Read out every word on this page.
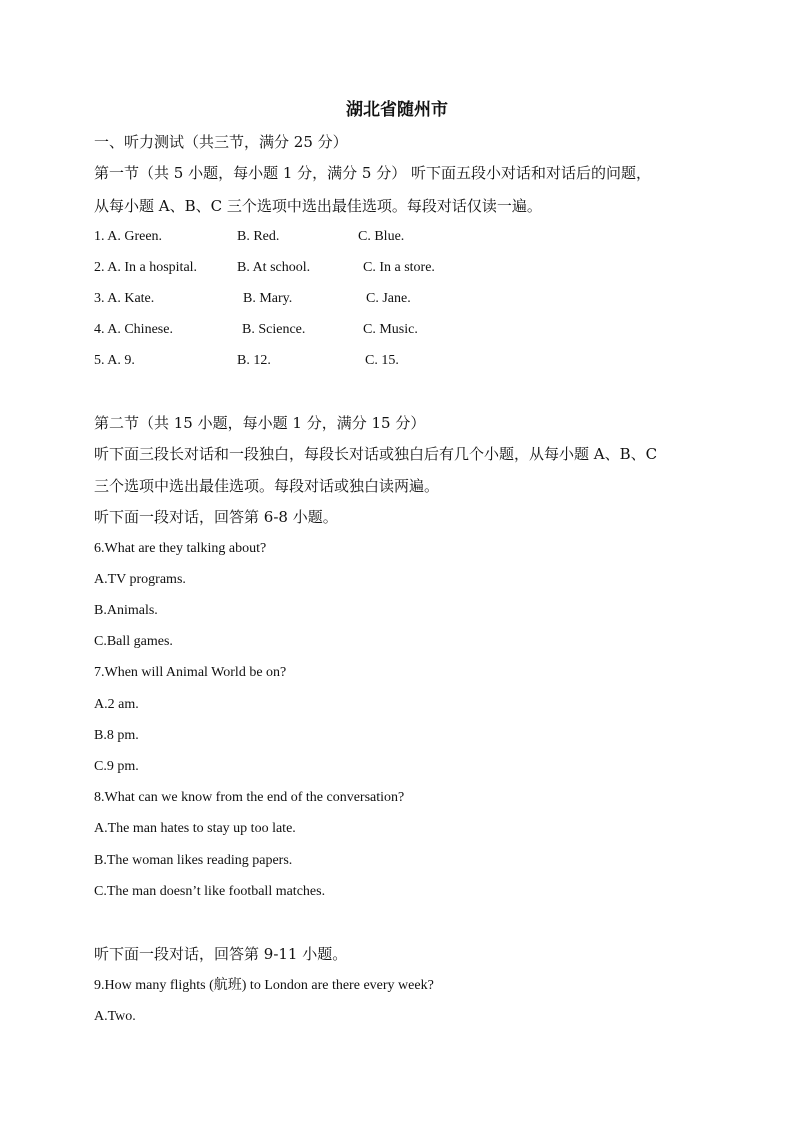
湖北省随州市
一、听力测试（共三节，满分 25 分）
第一节（共 5 小题，每小题 1 分，满分 5 分） 听下面五段小对话和对话后的问题，
从每小题 A、B、C 三个选项中选出最佳选项。每段对话仅读一遍。
1. A. Green.	B. Red.	C. Blue.
2. A. In a hospital.	B. At school.	C. In a store.
3. A. Kate.	B. Mary.	C. Jane.
4. A. Chinese.	B. Science.	C. Music.
5. A. 9.	B. 12.	C. 15.
第二节（共 15 小题，每小题 1 分，满分 15 分）
听下面三段长对话和一段独白，每段长对话或独白后有几个小题，从每小题 A、B、C
三个选项中选出最佳选项。每段对话或独白读两遍。
听下面一段对话，回答第 6-8 小题。
6.What are they talking about?
A.TV programs.
B.Animals.
C.Ball games.
7.When will Animal World be on?
A.2 am.
B.8 pm.
C.9 pm.
8.What can we know from the end of the conversation?
A.The man hates to stay up too late.
B.The woman likes reading papers.
C.The man doesn’t like football matches.
听下面一段对话，回答第 9-11 小题。
9.How many flights (航班) to London are there every week?
A.Two.
